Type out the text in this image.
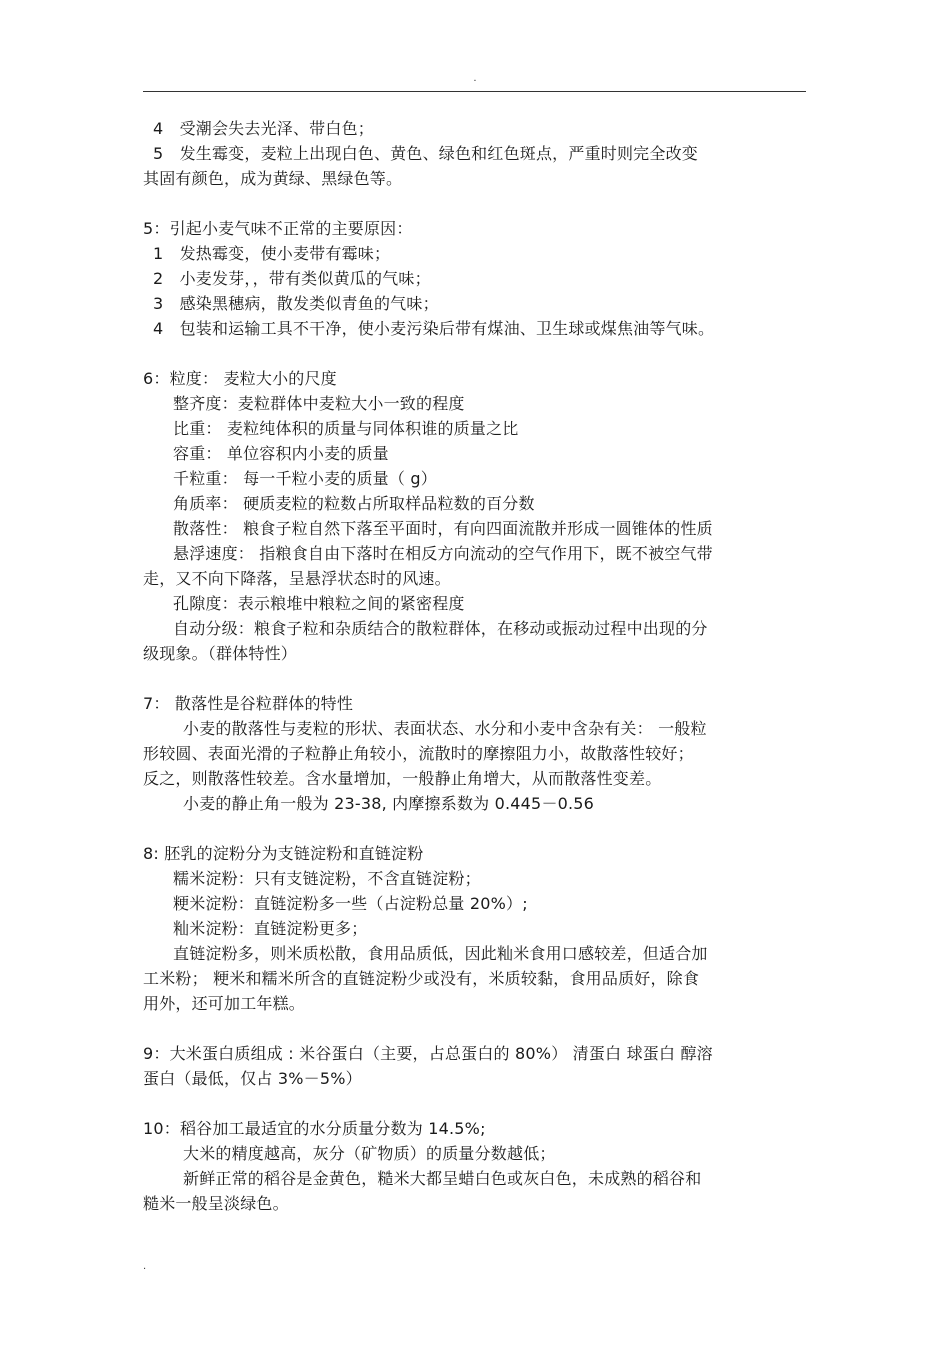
.
4　受潮会失去光泽、带白色；
5　发生霉变，麦粒上出现白色、黄色、绿色和红色斑点，严重时则完全改变
其固有颜色，成为黄绿、黑绿色等。
5：引起小麦气味不正常的主要原因：
1　发热霉变，使小麦带有霉味；
2　小麦发芽，，带有类似黄瓜的气味；
3　感染黑穗病，散发类似青鱼的气味；
4　包装和运输工具不干净，使小麦污染后带有煤油、卫生球或煤焦油等气味。
6：粒度： 麦粒大小的尺度
整齐度：麦粒群体中麦粒大小一致的程度
比重： 麦粒纯体积的质量与同体积谁的质量之比
容重： 单位容积内小麦的质量
千粒重： 每一千粒小麦的质量（ g）
角质率： 硬质麦粒的粒数占所取样品粒数的百分数
散落性： 粮食子粒自然下落至平面时，有向四面流散并形成一圆锥体的性质
悬浮速度： 指粮食自由下落时在相反方向流动的空气作用下，既不被空气带
走，又不向下降落，呈悬浮状态时的风速。
孔隙度：表示粮堆中粮粒之间的紧密程度
自动分级：粮食子粒和杂质结合的散粒群体，在移动或振动过程中出现的分
级现象。（群体特性）
7： 散落性是谷粒群体的特性
小麦的散落性与麦粒的形状、表面状态、水分和小麦中含杂有关： 一般粒
形较圆、表面光滑的子粒静止角较小，流散时的摩擦阻力小，故散落性较好；
反之，则散落性较差。含水量增加，一般静止角增大，从而散落性变差。
小麦的静止角一般为 23-38, 内摩擦系数为 0.445－0.56
8: 胚乳的淀粉分为支链淀粉和直链淀粉
糯米淀粉：只有支链淀粉，不含直链淀粉；
粳米淀粉：直链淀粉多一些（占淀粉总量 20%）;
籼米淀粉：直链淀粉更多；
直链淀粉多，则米质松散，食用品质低，因此籼米食用口感较差，但适合加
工米粉； 粳米和糯米所含的直链淀粉少或没有，米质较黏，食用品质好，除食
用外，还可加工年糕。
9：大米蛋白质组成 : 米谷蛋白（主要，占总蛋白的 80%） 清蛋白 球蛋白 醇溶
蛋白（最低，仅占 3%－5%）
10：稻谷加工最适宜的水分质量分数为 14.5%;
大米的精度越高，灰分（矿物质）的质量分数越低；
新鲜正常的稻谷是金黄色，糙米大都呈蜡白色或灰白色，未成熟的稻谷和
糙米一般呈淡绿色。
.
